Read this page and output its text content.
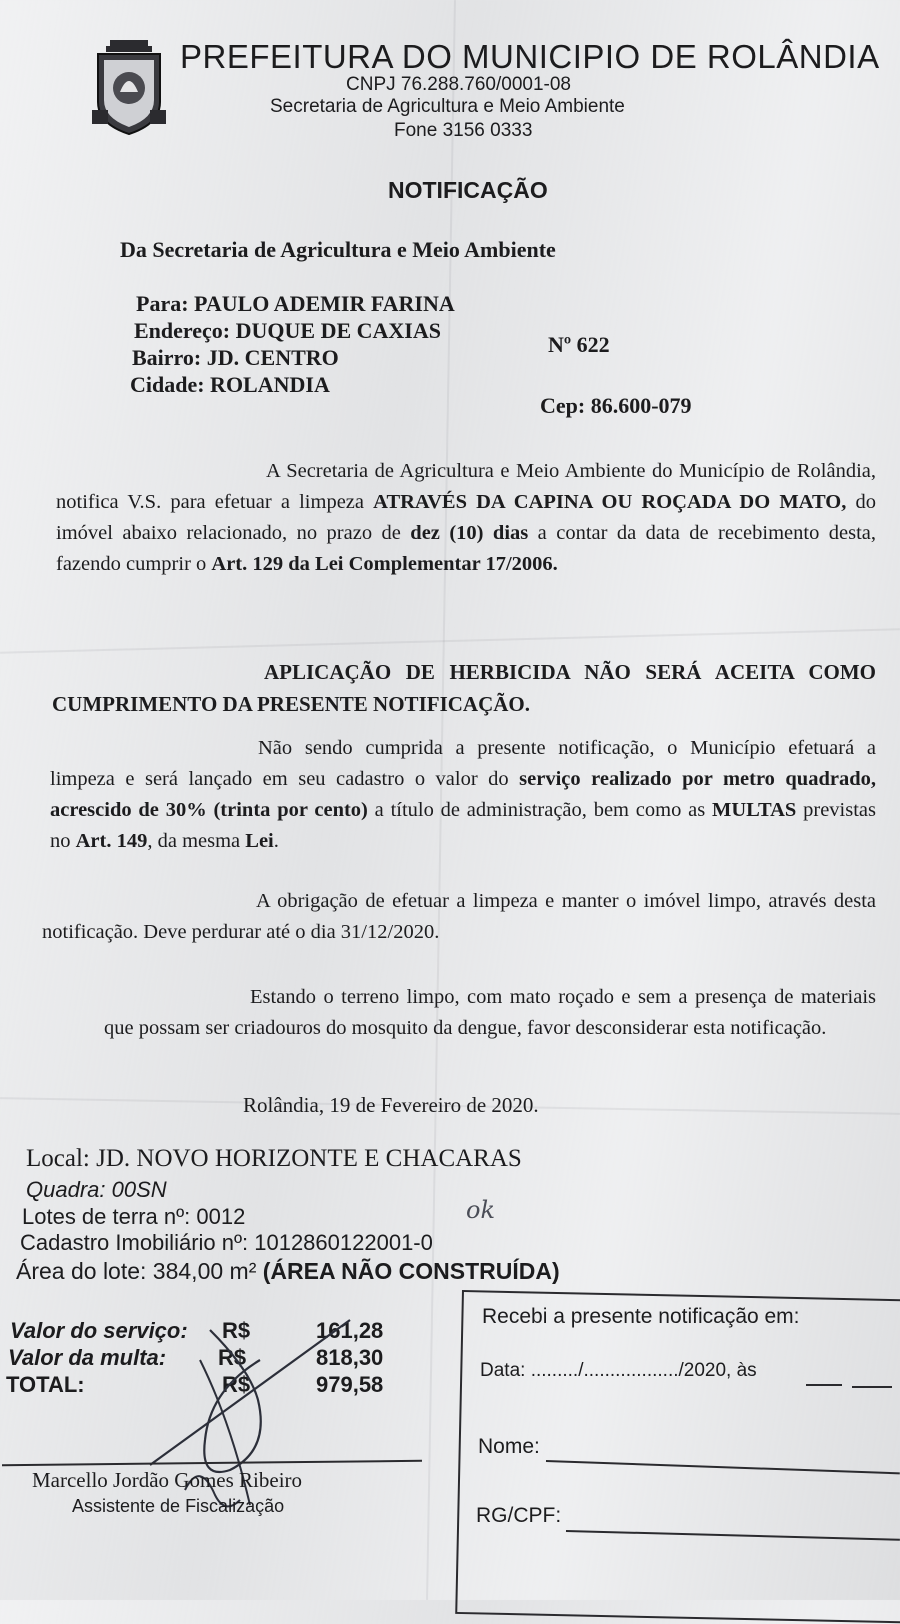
PREFEITURA DO MUNICIPIO DE ROLÂNDIA
CNPJ 76.288.760/0001-08
Secretaria de Agricultura e Meio Ambiente
Fone 3156 0333
NOTIFICAÇÃO
Da Secretaria de Agricultura e Meio Ambiente
Para: PAULO ADEMIR FARINA
Endereço: DUQUE DE CAXIAS
Nº 622
Bairro: JD. CENTRO
Cidade: ROLANDIA
Cep: 86.600-079
A Secretaria de Agricultura e Meio Ambiente do Município de Rolândia, notifica V.S. para efetuar a limpeza ATRAVÉS DA CAPINA OU ROÇADA DO MATO, do imóvel abaixo relacionado, no prazo de dez (10) dias a contar da data de recebimento desta, fazendo cumprir o Art. 129 da Lei Complementar 17/2006.
APLICAÇÃO DE HERBICIDA NÃO SERÁ ACEITA COMO CUMPRIMENTO DA PRESENTE NOTIFICAÇÃO.
Não sendo cumprida a presente notificação, o Município efetuará a limpeza e será lançado em seu cadastro o valor do serviço realizado por metro quadrado, acrescido de 30% (trinta por cento) a título de administração, bem como as MULTAS previstas no Art. 149, da mesma Lei.
A obrigação de efetuar a limpeza e manter o imóvel limpo, através desta notificação. Deve perdurar até o dia 31/12/2020.
Estando o terreno limpo, com mato roçado e sem a presença de materiais que possam ser criadouros do mosquito da dengue, favor desconsiderar esta notificação.
Rolândia, 19 de Fevereiro de 2020.
Local: JD. NOVO HORIZONTE E CHACARAS
Quadra: 00SN
Lotes de terra nº: 0012
Cadastro Imobiliário nº: 1012860122001-0
Área do lote: 384,00 m² (ÁREA NÃO CONSTRUÍDA)
ok
Valor do serviço: R$	161,28
Valor da multa: R$	818,30
TOTAL:	R$	979,58
Marcello Jordão Gomes Ribeiro
Assistente de Fiscalização
Recebi a presente notificação em:
Data: ........./................../2020, às
Nome:
RG/CPF:
